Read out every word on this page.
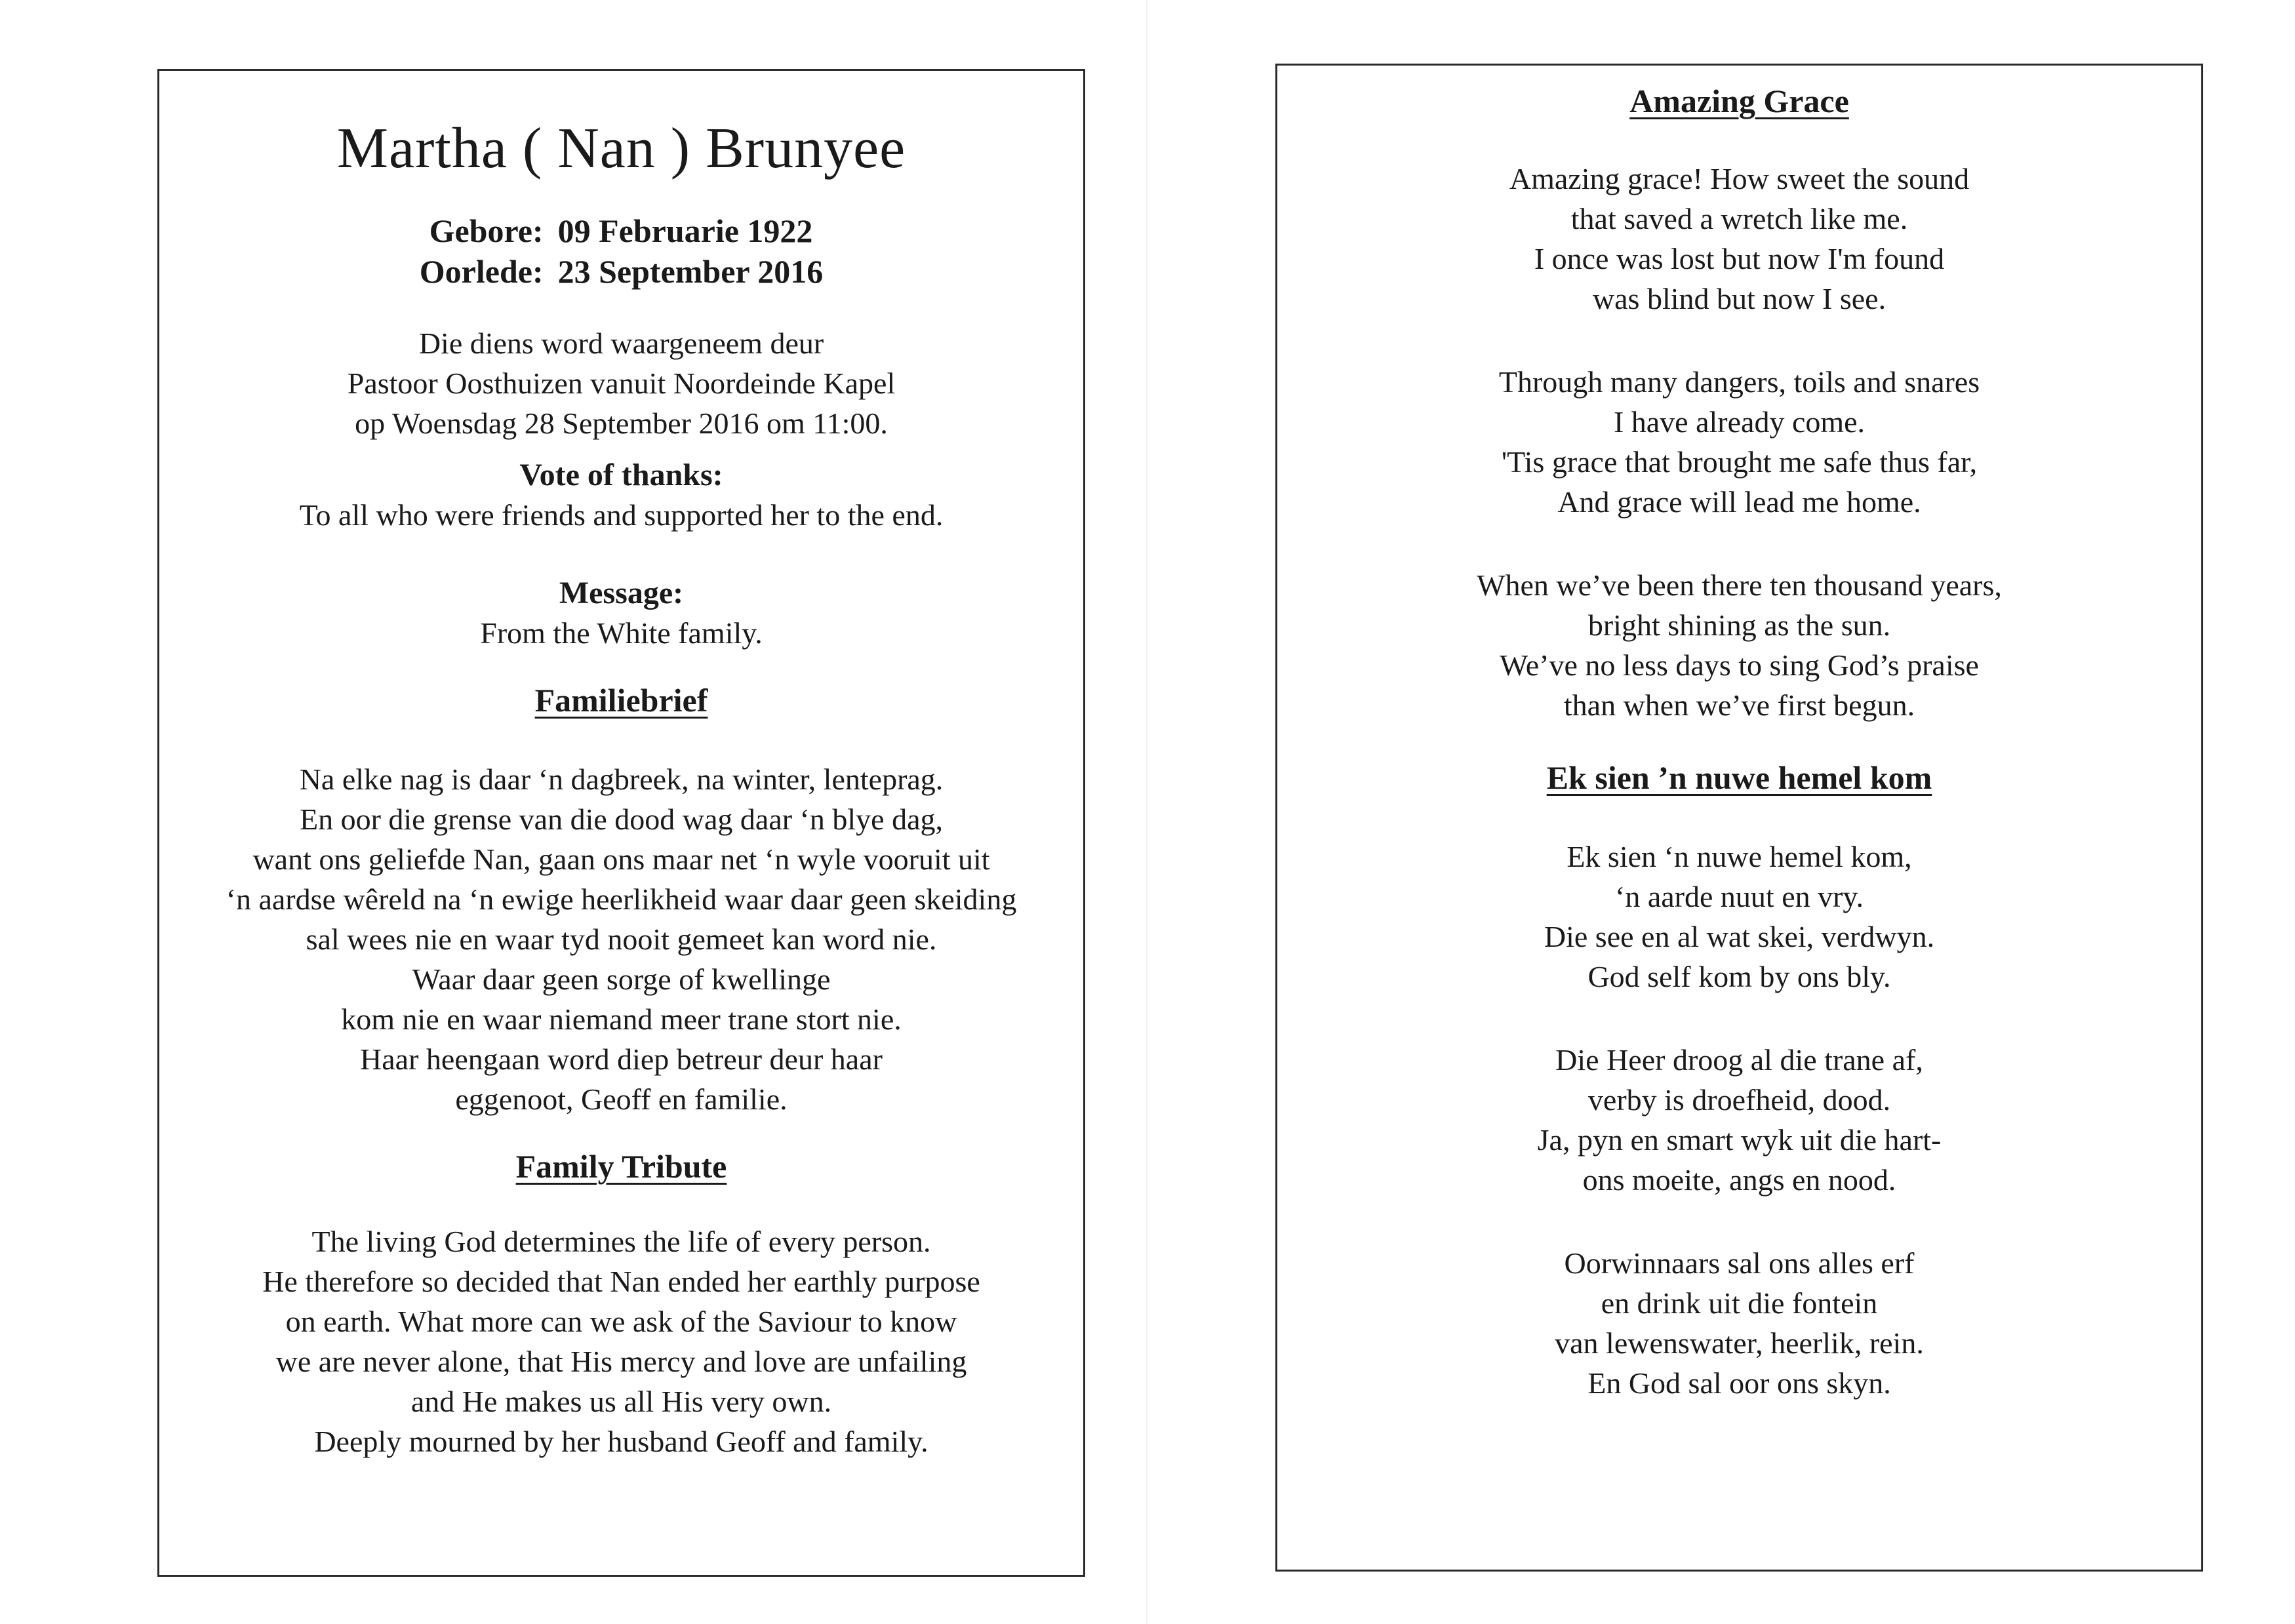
Martha ( Nan ) Brunyee
Gebore:	09 Februarie 1922
Oorlede:	23 September 2016
Die diens word waargeneem deur
Pastoor Oosthuizen vanuit Noordeinde Kapel
op Woensdag 28 September 2016 om 11:00.
Vote of thanks:
To all who were friends and supported her to the end.
Message:
From the White family.
Familiebrief
Na elke nag is daar ‘n dagbreek, na winter, lenteprag.
En oor die grense van die dood wag daar ‘n blye dag,
want ons geliefde Nan, gaan ons maar net ‘n wyle vooruit uit
‘n aardse wêreld na ‘n ewige heerlikheid waar daar geen skeiding
sal wees nie en waar tyd nooit gemeet kan word nie.
Waar daar geen sorge of kwellinge
kom nie en waar niemand meer trane stort nie.
Haar heengaan word diep betreur deur haar
eggenoot, Geoff en familie.
Family Tribute
The living God determines the life of every person.
He therefore so decided that Nan ended her earthly purpose
on earth. What more can we ask of the Saviour to know
we are never alone, that His mercy and love are unfailing
and He makes us all His very own.
Deeply mourned by her husband Geoff and family.
Amazing Grace
Amazing grace! How sweet the sound
that saved a wretch like me.
I once was lost but now I'm found
was blind but now I see.
Through many dangers, toils and snares
I have already come.
'Tis grace that brought me safe thus far,
And grace will lead me home.
When we’ve been there ten thousand years,
bright shining as the sun.
We’ve no less days to sing God’s praise
than when we’ve first begun.
Ek sien ’n nuwe hemel kom
Ek sien ‘n nuwe hemel kom,
‘n aarde nuut en vry.
Die see en al wat skei, verdwyn.
God self kom by ons bly.
Die Heer droog al die trane af,
verby is droefheid, dood.
Ja, pyn en smart wyk uit die hart-
ons moeite, angs en nood.
Oorwinnaars sal ons alles erf
en drink uit die fontein
van lewenswater, heerlik, rein.
En God sal oor ons skyn.
